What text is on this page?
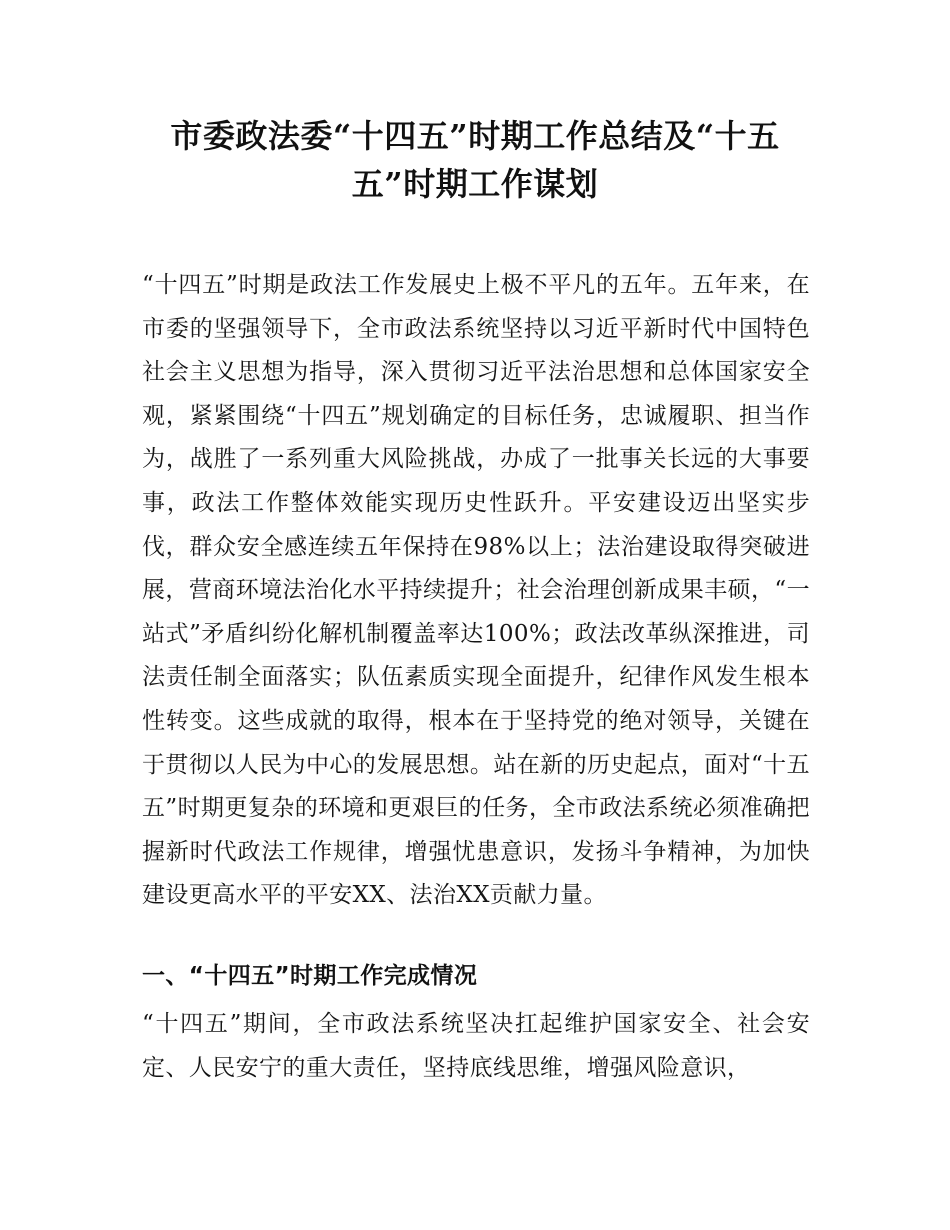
市委政法委“十四五”时期工作总结及“十五五”时期工作谋划

“十四五”时期是政法工作发展史上极不平凡的五年。五年来，在市委的坚强领导下，全市政法系统坚持以习近平新时代中国特色社会主义思想为指导，深入贯彻习近平法治思想和总体国家安全观，紧紧围绕“十四五”规划确定的目标任务，忠诚履职、担当作为，战胜了一系列重大风险挑战，办成了一批事关长远的大事要事，政法工作整体效能实现历史性跃升。平安建设迈出坚实步伐，群众安全感连续五年保持在98%以上；法治建设取得突破进展，营商环境法治化水平持续提升；社会治理创新成果丰硕，“一站式”矛盾纠纷化解机制覆盖率达100%；政法改革纵深推进，司法责任制全面落实；队伍素质实现全面提升，纪律作风发生根本性转变。这些成就的取得，根本在于坚持党的绝对领导，关键在于贯彻以人民为中心的发展思想。站在新的历史起点，面对“十五五”时期更复杂的环境和更艰巨的任务，全市政法系统必须准确把握新时代政法工作规律，增强忧患意识，发扬斗争精神，为加快建设更高水平的平安XX、法治XX贡献力量。

一、“十四五”时期工作完成情况

“十四五”期间，全市政法系统坚决扛起维护国家安全、社会安定、人民安宁的重大责任，坚持底线思维，增强风险意识，
